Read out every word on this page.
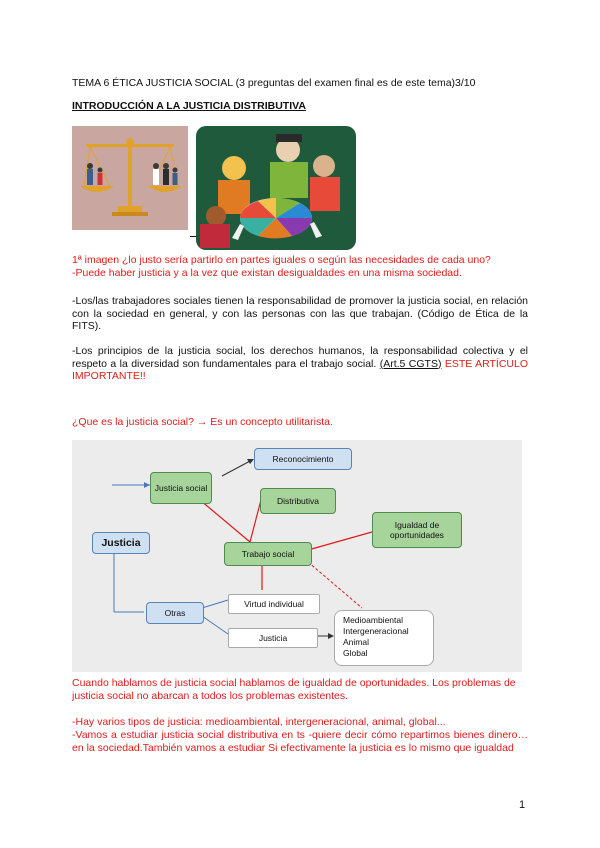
TEMA 6 ÉTICA JUSTICIA SOCIAL (3 preguntas del examen final es de este tema)3/10
INTRODUCCIÓN A LA JUSTICIA DISTRIBUTIVA
1ª imagen ¿lo justo sería partirlo en partes iguales o según las necesidades de cada uno?
-Puede haber justicia y a la vez que existan desigualdades en una misma sociedad.
-Los/las trabajadores sociales tienen la responsabilidad de promover la justicia social, en relación con la sociedad en general, y con las personas con las que trabajan. (Código de Ética de la FITS).
-Los principios de la justicia social, los derechos humanos, la responsabilidad colectiva y el respeto a la diversidad son fundamentales para el trabajo social. (Art.5 CGTS) ESTE ARTÍCULO IMPORTANTE!!
¿Que es la justicia social? → Es un concepto utilitarista.
Justicia
Justicia social
Reconocimiento
Distributiva
Igualdad de oportunidades
Trabajo social
Otras
Virtud individual
Justicia
Medioambiental
Intergeneracional
Animal
Global
Cuando hablamos de justicia social hablamos de igualdad de oportunidades. Los problemas de justicia social no abarcan a todos los problemas existentes.
-Hay varios tipos de justicia: medioambiental, intergeneracional, animal, global...
-Vamos a estudiar justicia social distributiva en ts -quiere decir cómo repartimos bienes dinero…en la sociedad.También vamos a estudiar Si efectivamente la justicia es lo mismo que igualdad
1
